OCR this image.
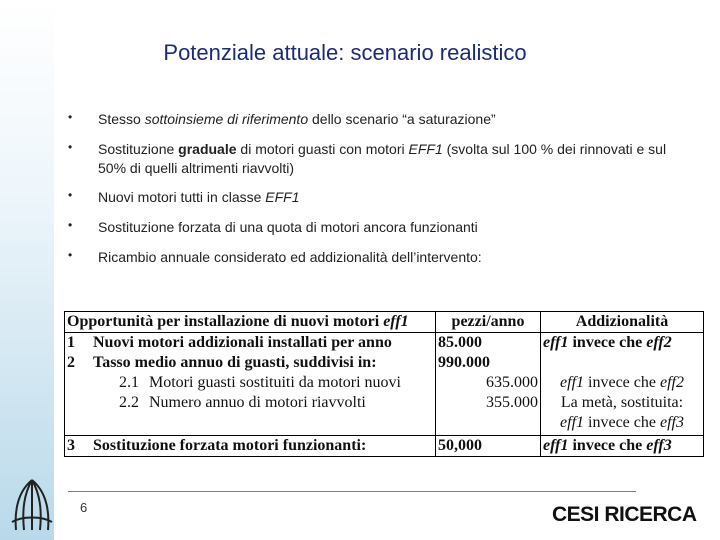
Potenziale attuale: scenario realistico
• Stesso sottoinsieme di riferimento dello scenario “a saturazione”
• Sostituzione graduale di motori guasti con motori EFF1 (svolta sul 100 % dei rinnovati e sul 50% di quelli altrimenti riavvolti)
• Nuovi motori tutti in classe EFF1
• Sostituzione forzata di una quota di motori ancora funzionanti
• Ricambio annuale considerato ed addizionalità dell’intervento:
Opportunità per installazione di nuovi motori eff1	pezzi/anno	Addizionalità
1 Nuovi motori addizionali installati per anno	85.000	eff1 invece che eff2
2 Tasso medio annuo di guasti, suddivisi in:	990.000	
2.1 Motori guasti sostituiti da motori nuovi	635.000	eff1 invece che eff2
2.2 Numero annuo di motori riavvolti	355.000	La metà, sostituita:
eff1 invece che eff3

3 Sostituzione forzata motori funzionanti:	50,000	eff1 invece che eff3
6	CESI RICERCA
